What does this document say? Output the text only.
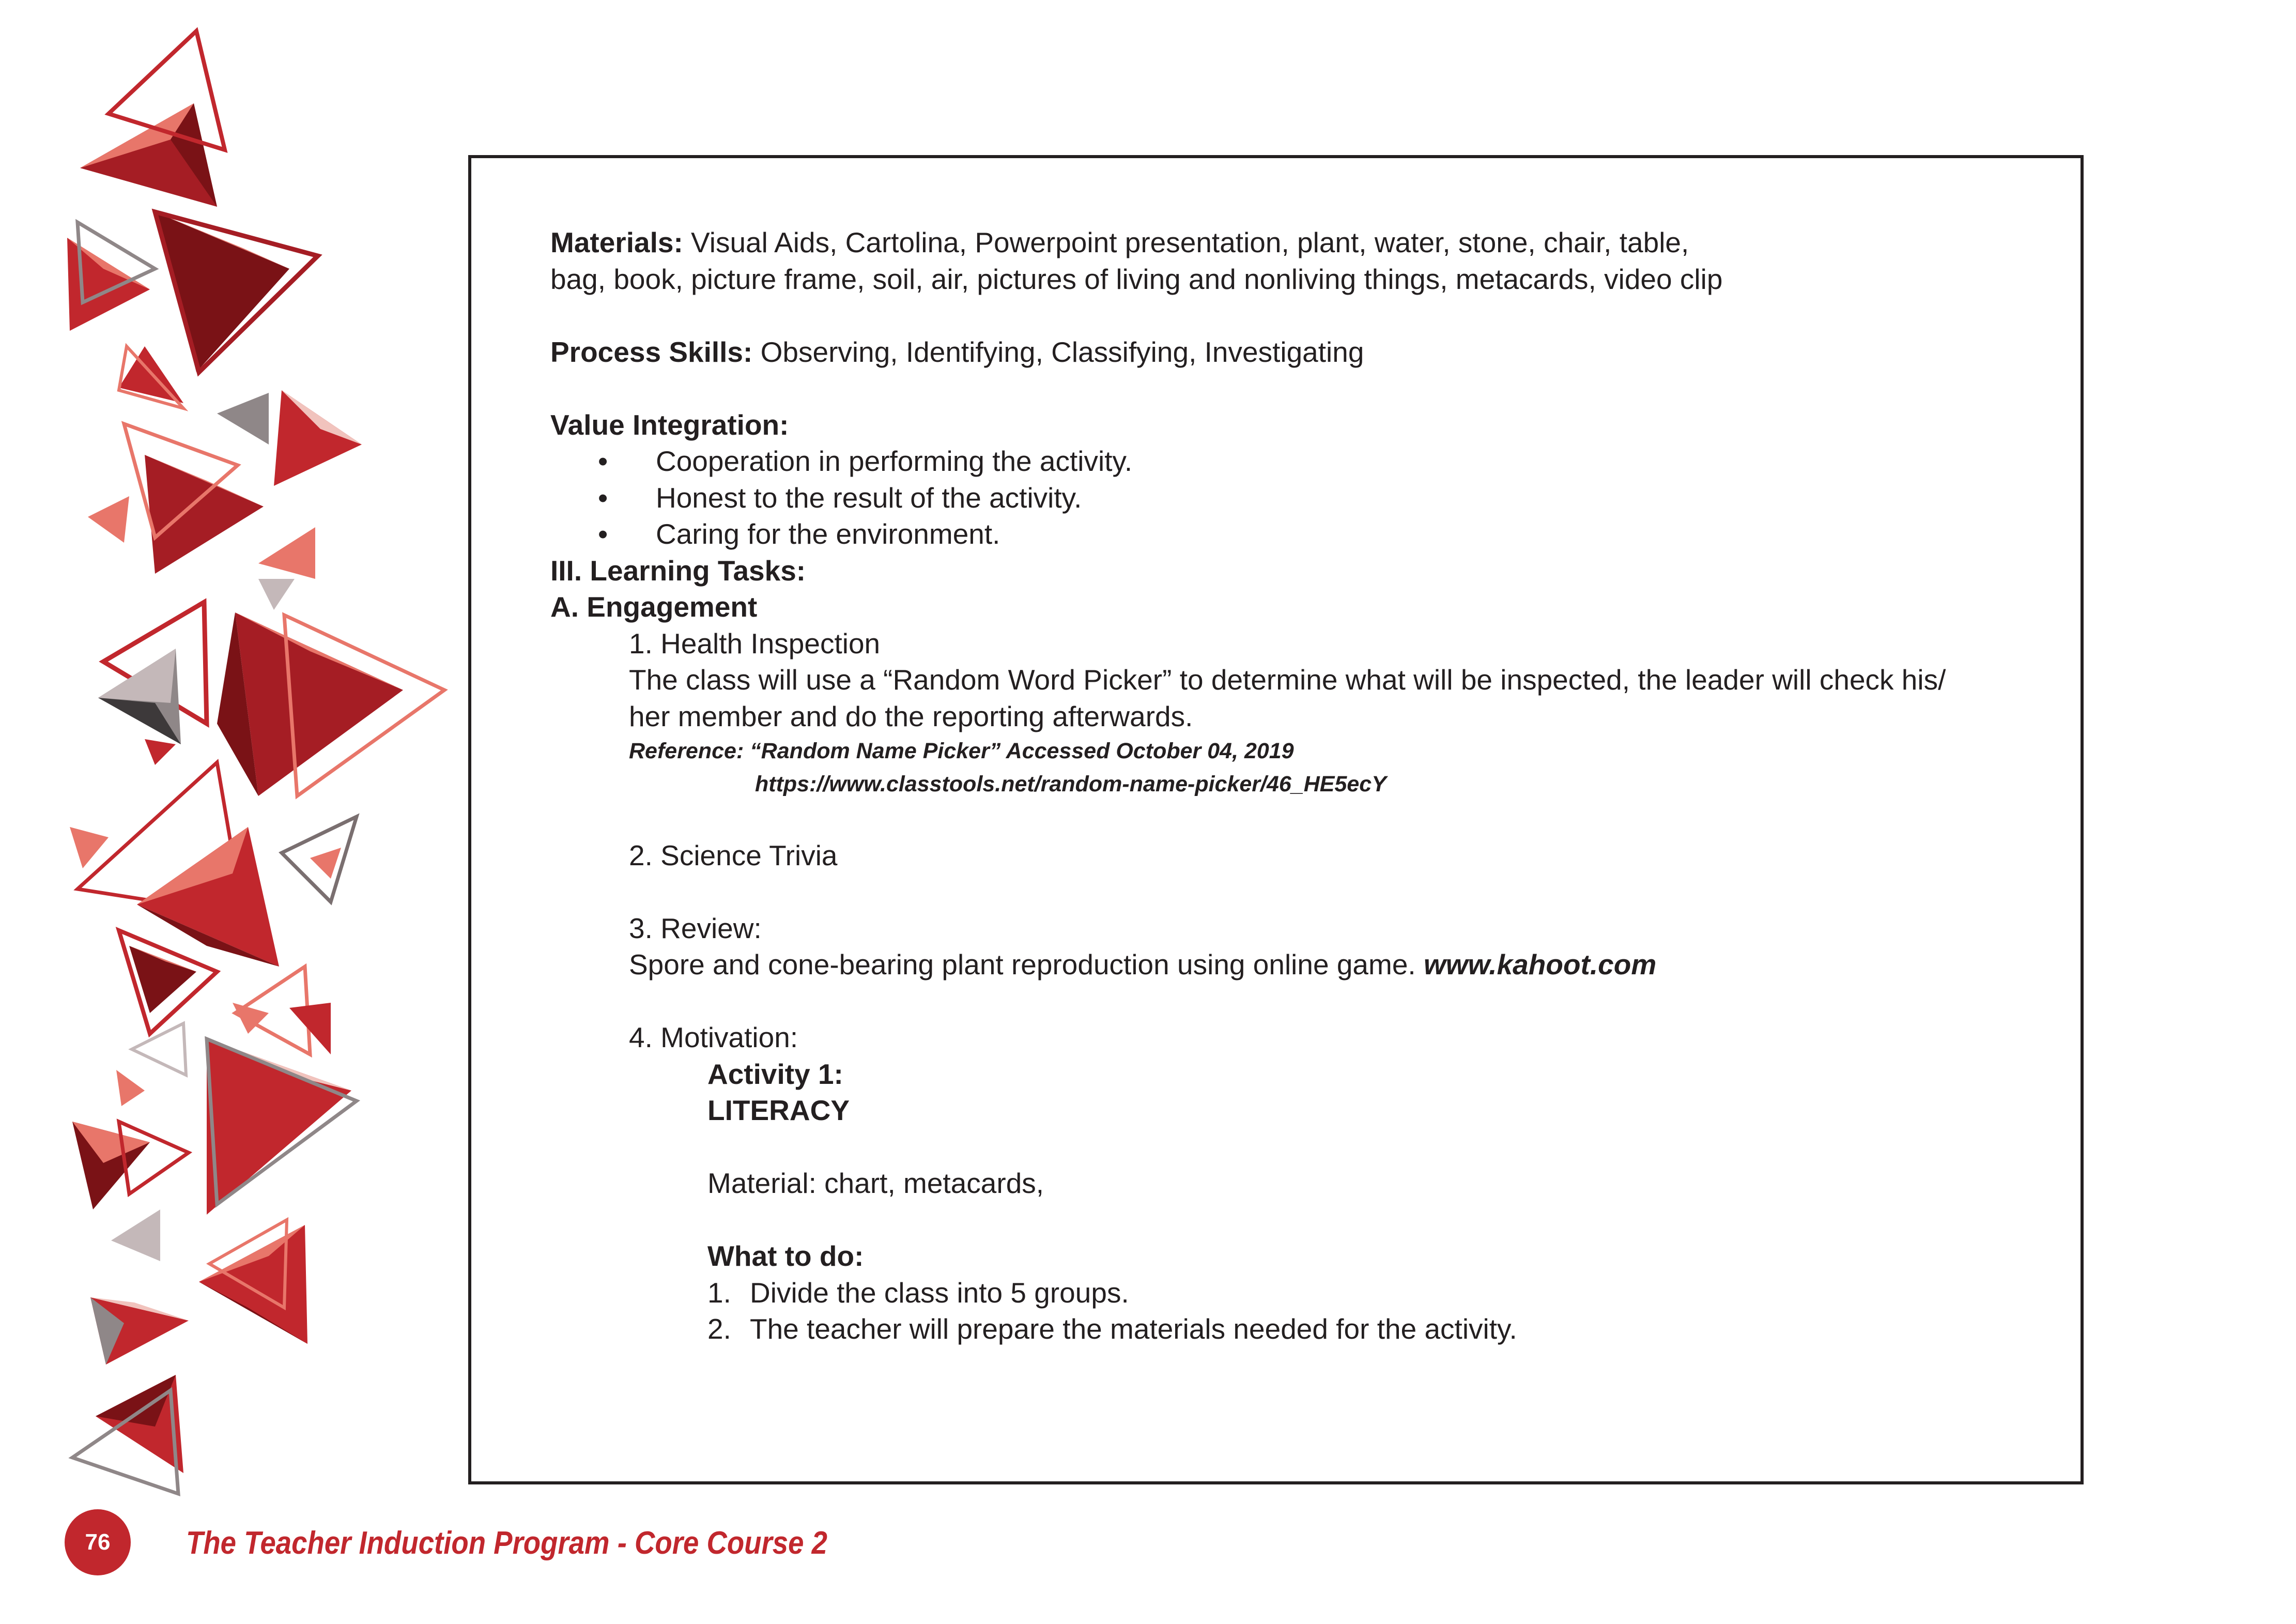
Materials: Visual Aids, Cartolina, Powerpoint presentation, plant, water, stone, chair, table,
bag, book, picture frame, soil, air, pictures of living and nonliving things, metacards, video clip
Process Skills: Observing, Identifying, Classifying, Investigating
Value Integration:
•	Cooperation in performing the activity.
•	Honest to the result of the activity.
•	Caring for the environment.
III. Learning Tasks:
A. Engagement
1. Health Inspection
The class will use a “Random Word Picker” to determine what will be inspected, the leader will check his/
her member and do the reporting afterwards.
Reference: “Random Name Picker” Accessed October 04, 2019
https://www.classtools.net/random-name-picker/46_HE5ecY
2. Science Trivia
3. Review:
Spore and cone-bearing plant reproduction using online game. www.kahoot.com
4. Motivation:
Activity 1:
LITERACY
Material: chart, metacards,
What to do:
1. Divide the class into 5 groups.
2. The teacher will prepare the materials needed for the activity.
76	The Teacher Induction Program - Core Course 2
